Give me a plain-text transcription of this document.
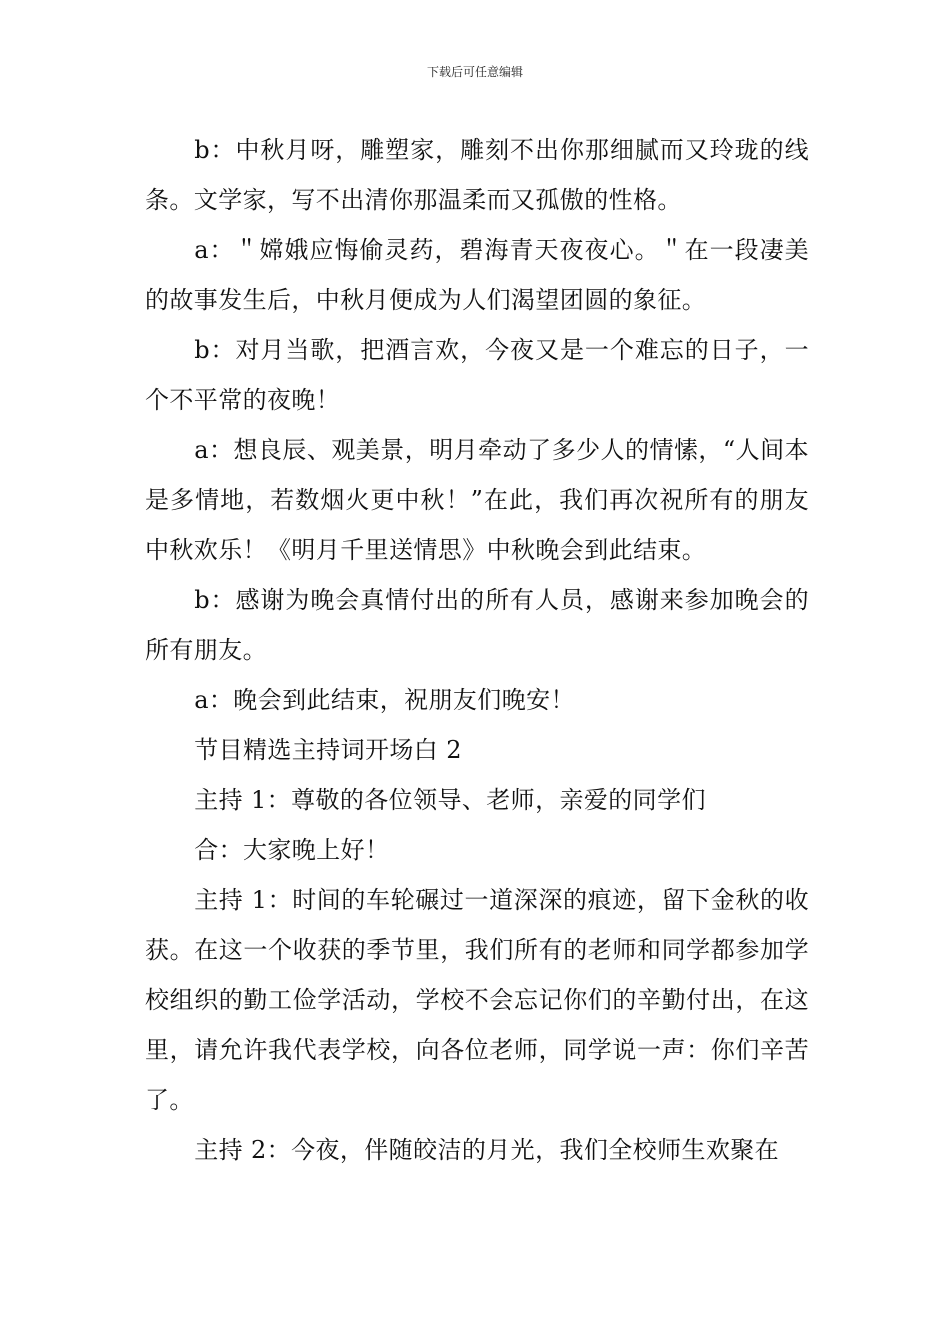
下载后可任意编辑

b：中秋月呀，雕塑家，雕刻不出你那细腻而又玲珑的线条。文学家，写不出清你那温柔而又孤傲的性格。

a：＂嫦娥应悔偷灵药，碧海青天夜夜心。＂在一段凄美的故事发生后，中秋月便成为人们渴望团圆的象征。

b：对月当歌，把酒言欢，今夜又是一个难忘的日子，一个不平常的夜晚！

a：想良辰、观美景，明月牵动了多少人的情愫，“人间本是多情地，若数烟火更中秋！”在此，我们再次祝所有的朋友中秋欢乐！《明月千里送情思》中秋晚会到此结束。

b：感谢为晚会真情付出的所有人员，感谢来参加晚会的所有朋友。

a：晚会到此结束，祝朋友们晚安！

节目精选主持词开场白 2

主持 1：尊敬的各位领导、老师，亲爱的同学们

合：大家晚上好！

主持 1：时间的车轮碾过一道深深的痕迹，留下金秋的收获。在这一个收获的季节里，我们所有的老师和同学都参加学校组织的勤工俭学活动，学校不会忘记你们的辛勤付出，在这里，请允许我代表学校，向各位老师，同学说一声：你们辛苦了。

主持 2：今夜，伴随皎洁的月光，我们全校师生欢聚在
